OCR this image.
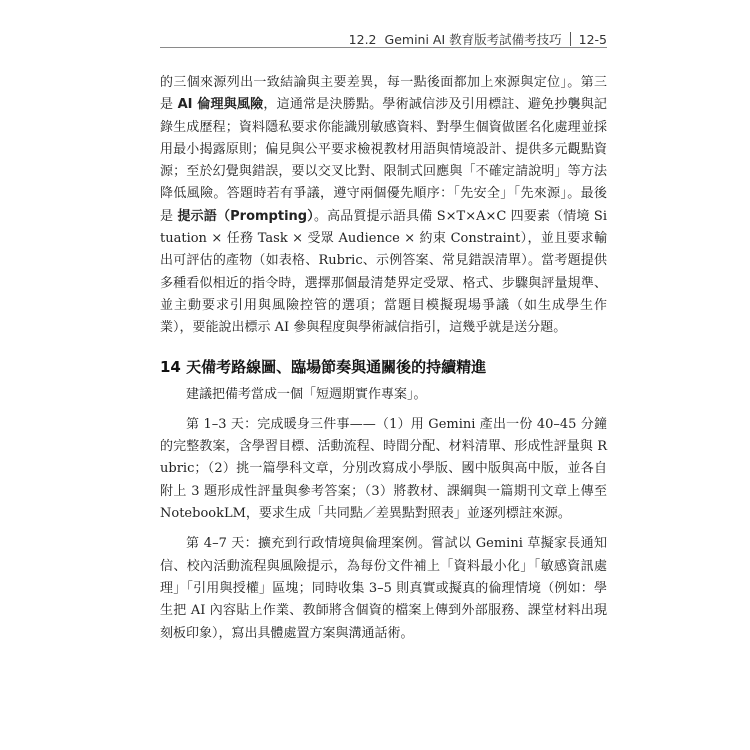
12.2 Gemini AI 教育版考試備考技巧 12-5

的三個來源列出一致結論與主要差異，每一點後面都加上來源與定位」。第三是 AI 倫理與風險，這通常是決勝點。學術誠信涉及引用標註、避免抄襲與記錄生成歷程；資料隱私要求你能識別敏感資料、對學生個資做匿名化處理並採用最小揭露原則；偏見與公平要求檢視教材用語與情境設計、提供多元觀點資源；至於幻覺與錯誤，要以交叉比對、限制式回應與「不確定請說明」等方法降低風險。答題時若有爭議，遵守兩個優先順序：「先安全」「先來源」。最後是 提示語（Prompting）。高品質提示語具備 S×T×A×C 四要素（情境 Situation × 任務 Task × 受眾 Audience × 約束 Constraint），並且要求輸出可評估的產物（如表格、Rubric、示例答案、常見錯誤清單）。當考題提供多種看似相近的指令時，選擇那個最清楚界定受眾、格式、步驟與評量規準、並主動要求引用與風險控管的選項；當題目模擬現場爭議（如生成學生作業），要能說出標示 AI 參與程度與學術誠信指引，這幾乎就是送分題。

14 天備考路線圖、臨場節奏與通關後的持續精進

建議把備考當成一個「短週期實作專案」。

第 1–3 天：完成暖身三件事——（1）用 Gemini 產出一份 40–45 分鐘的完整教案，含學習目標、活動流程、時間分配、材料清單、形成性評量與 Rubric；（2）挑一篇學科文章，分別改寫成小學版、國中版與高中版，並各自附上 3 題形成性評量與參考答案；（3）將教材、課綱與一篇期刊文章上傳至 NotebookLM，要求生成「共同點／差異點對照表」並逐列標註來源。

第 4–7 天：擴充到行政情境與倫理案例。嘗試以 Gemini 草擬家長通知信、校內活動流程與風險提示，為每份文件補上「資料最小化」「敏感資訊處理」「引用與授權」區塊；同時收集 3–5 則真實或擬真的倫理情境（例如：學生把 AI 內容貼上作業、教師將含個資的檔案上傳到外部服務、課堂材料出現刻板印象），寫出具體處置方案與溝通話術。
